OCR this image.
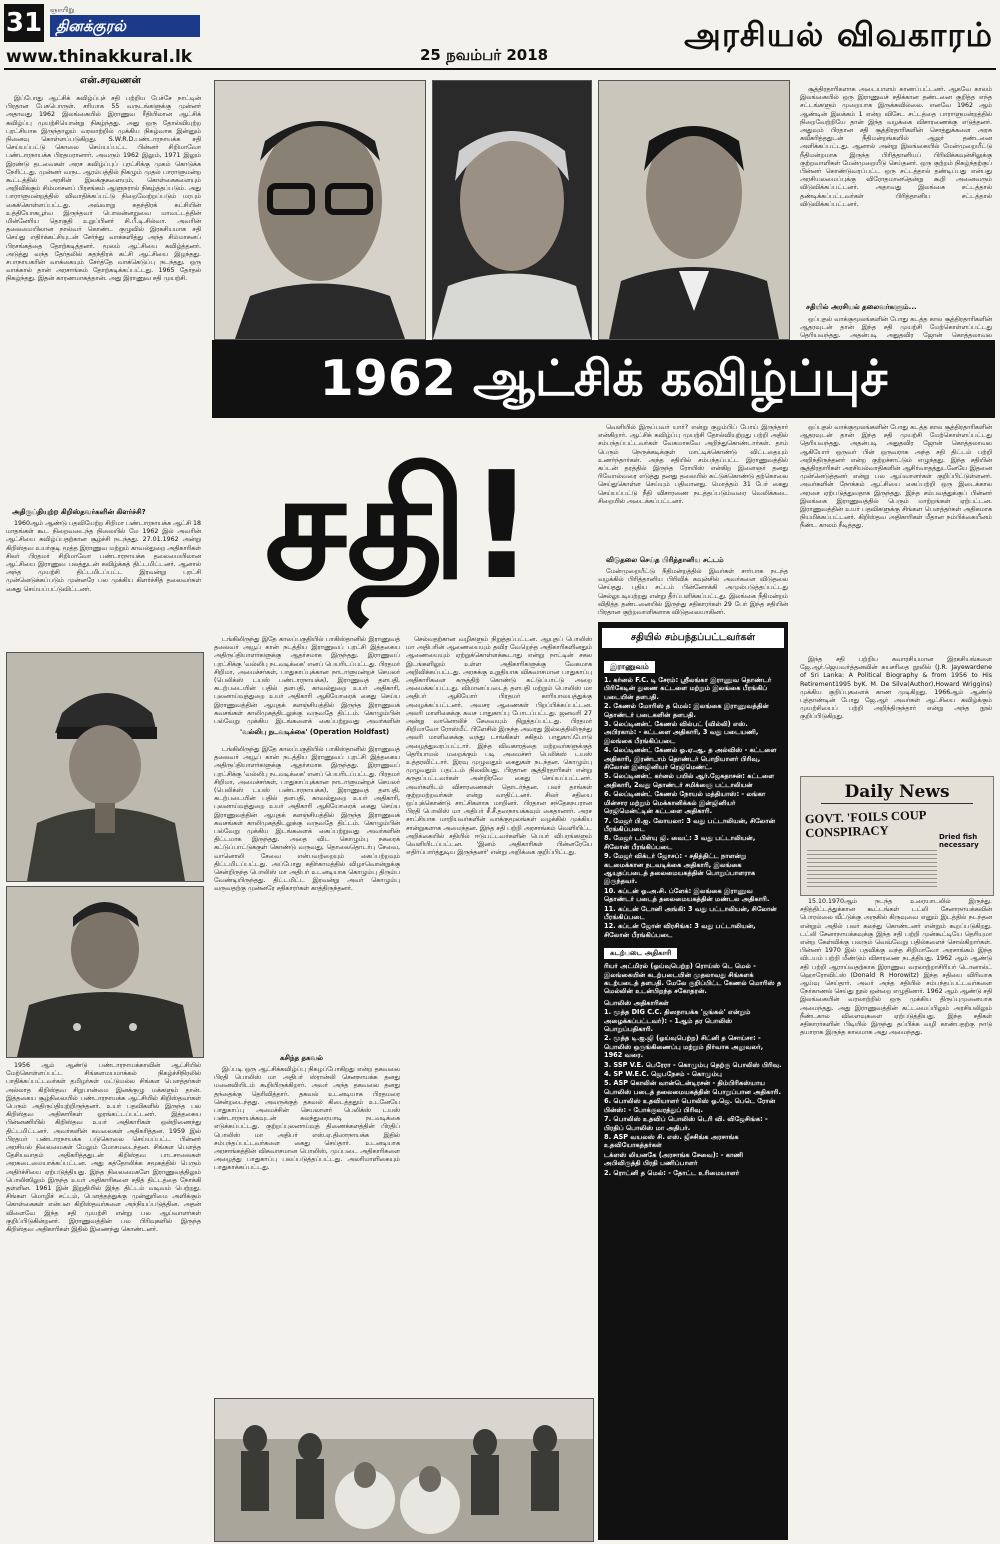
31 ஞாயிறு
தினக்குரல்
www.thinakkural.lk	25 நவம்பர் 2018
அரசியல் விவகாரம்
என்.சரவணன்

இப்போது ஆட்சிக் கவிழ்ப்புச் சதி பற்றிய பேச்சே நாட்டின் பிரதான பேசுபொருள். சரியாக 55 வருடங்களுக்கு முன்னர் அதாவது 1962 இலங்கையில் இராணுவ ரீதியிலான ஆட்சிக் கவிழ்ப்பு முயற்சியொன்று நிகழ்ந்தது. அது ஒரு தோல்வியுற்ற புரட்சியாக இருந்தாலும் வரலாற்றில் முக்கிய நிகழ்வாக இன்னும் நினைவு கொள்ளப்படுகிறது. S.W.R.D.பண்டாரநாயக்க சதி செய்யப்பட்டு கொலை செய்யப்பட்ட பின்னர் சிறிமாவோ பண்டாரநாயக்க பிரதமரானார். அவரும் 1962 இலும், 1971 இலும் இரண்டு தடவைகள் அரச கவிழ்ப்புப் புரட்சிக்கு முகம் கொடுக்க நேரிட்டது. முன்னர் வருட ஆரம்பத்தில் நிகழும் முதல் பாராளுமன்ற கூட்டத்தில் அரசின் இலக்குகளையும், கொள்கைகளையும் அறிவிக்கும் சிம்மாசனப் பிரசங்கம் ஆளுநரால் நிகழ்த்தப்படும். அது பாராளுமன்றத்தில் விவாதிக்கப்பட்டு நிறைவேற்றப்படும் மரபும் கைக்கொள்ளப்பட்டது. அவ்வாறு சுதந்திரக் கட்சியின் உத்தியோகபூர்வ இருந்தவர் பொலன்னறுவை மாவட்டத்தின் மின்னேரிய தொகுதி உறுப்பினர் சி.பீ.டி.சில்வா. அவரின் தலைமையிலான நால்வர் கொண்ட குழுவில் இரகசியமாக சதி செய்து எதிர்க்கட்சியுடன் சேர்ந்து வாக்களித்து அந்த சிம்மாசனப் பிரசங்கத்தை தோற்கடித்தனர். மூலம் ஆட்சியை கவிழ்த்தனர். அடுத்து வந்த தேர்தலில் சுதந்திரக் கட்சி ஆட்சியை இழந்தது. சபாநாயகரின் வாக்கையும் சேர்த்தே வாக்கெடுப்பு நடந்தது. ஒரு வாக்கால் தான் அரசாங்கம் தோற்கடிக்கப்பட்டது. 1965 தேர்தல் நிகழ்ந்தது. இதன் காரணமாகத்தான். அது இராணுவ சதி முயற்சி.

அதிருப்தியுற்ற கிறிஸ்தவர்களின் கிளர்ச்சி?

1960ஆம் ஆண்டு பதவியேற்ற சிறிமா பண்டாரநாயக்க ஆட்சி 18 மாதங்கள் கூட நிறைவடைந்த நிலையில் மே 1962 இல் அவரின் ஆட்சியை கவிழ்ப்பதற்கான சூழ்ச்சி நடந்தது. 27.01.1962 அன்று கிறிஸ்தவ உயர்குடி மூத்த இராணுவ மற்றும் காவல்துறை அதிகாரிகள் சிலர் பிரதமர் சிறிமாவோ பண்டாரநாயக்க தலைமையிலான ஆட்சியை இராணுவ பலத்துடன் கவிழ்க்கத் திட்டமிட்டனர். ஆனால் அந்த முயற்சி திட்டமிடப்பட்ட இரவன்று புரட்சி முன்னெடுக்கப்படும் முன்னரே பல முக்கிய கிளர்ச்சித் தலைவர்கள் கைது செய்யப்பட்டுவிட்டனர்.

1956 ஆம் ஆண்டு பண்டாரநாயக்காவின் ஆட்சியில் மேற்கொள்ளப்பட்ட சிங்களமயமாக்கல் நிகழ்ச்சிநிரலில் பாதிக்கப்பட்டவர்கள் தமிழர்கள் மட்டுமல்ல சிங்கள பௌத்தர்கள் அல்லாத கிறிஸ்தவ சிறுபான்மை இனக்குழு மக்களும் தான். இத்தகைய சூழ்நிலையில் பண்டாரநாயக்க ஆட்சியில் கிறிஸ்தவர்கள் பெரும் அதிருப்தியுற்றிருந்தனர். உயர் பதவிகளில் இருந்த பல கிறிஸ்தவ அதிகாரிகள் ஓரங்கட்டப்பட்டனர். இத்தகைய பின்னணியில் கிறிஸ்தவ உயர் அதிகாரிகள் ஒன்றிணைந்து திட்டமிட்டனர். அவர்களின் கவலைகள் அதிகரித்தன. 1959 இல் பிரதமர் பண்டாரநாயக்க படுகொலை செய்யப்பட்ட பின்னர் அரசியல் நிலைமைகள் மேலும் மோசமடைந்தன. சிங்கள பௌத்த தேசியவாதம் அதிகரித்ததுடன் கிறிஸ்தவ பாடசாலைகள் அரசுடைமையாக்கப்பட்டன. அது கத்தோலிக்க சமூகத்தில் பெரும் அதிர்ச்சியை ஏற்படுத்தியது. இந்த நிலைமைகளே இராணுவத்திலும் பொலிஸிலும் இருந்த உயர் அதிகாரிகளை சதித் திட்டத்தை நோக்கி தள்ளின. 1961 இன் இறுதியில் இந்த திட்டம் வடிவம் பெற்றது. சிங்கள மொழிச் சட்டம், பௌத்தத்துக்கு முன்னுரிமை அளிக்கும் கொள்கைகள் என்பன கிறிஸ்தவர்களை அந்நியப்படுத்தின. அதன் விளைவே இந்த சதி முயற்சி என்று பல ஆய்வாளர்கள் குறிப்பிடுகின்றனர். இராணுவத்தின் பல பிரிவுகளில் இருந்த கிறிஸ்தவ அதிகாரிகள் இதில் இணைந்து கொண்டனர்.

1962 ஆட்சிக் கவிழ்ப்புச்
சதி!

டங்கிலிருந்து இதே காலப்பகுதியில் பாகிஸ்தானில் இராணுவத் தலைவர் அயூப் கான் நடத்திய இராணுவப் புரட்சி இத்தகைய அதிருப்தியாளர்களுக்கு ஆதர்சமாக இருந்தது. இராணுவப் புரட்சிக்கு 'வல்லிபு நடவடிக்கை' எனப் பெயரிடப்பட்டது. பிரதமர் சிறிமா, அமைச்சர்கள், பாதுகாப்புக்கான நாடாளுமன்றச் செயலர் (பெலிக்ஸ் டயஸ் பண்டாரநாயக்க), இராணுவத் தளபதி, கடற்படையின் பதில் தளபதி, காவல்துறை உயர் அதிகாரி, புலனாய்வுத்துறை உயர் அதிகாரி ஆகியோரைக் கைது செய்ய இராணுவத்தின் ஆயுதக் களஞ்சியத்தில் இருந்த இராணுவக் கவசங்கள் காலிமுகத்திடலுக்கு வருவதே திட்டம். கொழும்பின் பல்வேறு முக்கிய இடங்களைக் கைப்பற்றுவது அவர்களின்

'வல்லிபு நடவடிக்கை' (Operation Holdfast)

டங்கிலிருந்து இதே காலப்பகுதியில் பாகிஸ்தானில் இராணுவத் தலைவர் அயூப் கான் நடத்திய இராணுவப் புரட்சி இத்தகைய அதிருப்தியாளர்களுக்கு ஆதர்சமாக இருந்தது. இராணுவப் புரட்சிக்கு 'வல்லிபு நடவடிக்கை' எனப் பெயரிடப்பட்டது. பிரதமர் சிறிமா, அமைச்சர்கள், பாதுகாப்புக்கான நாடாளுமன்றச் செயலர் (பெலிக்ஸ் டயஸ் பண்டாரநாயக்க), இராணுவத் தளபதி, கடற்படையின் பதில் தளபதி, காவல்துறை உயர் அதிகாரி, புலனாய்வுத்துறை உயர் அதிகாரி ஆகியோரைக் கைது செய்ய இராணுவத்தின் ஆயுதக் களஞ்சியத்தில் இருந்த இராணுவக் கவசங்கள் காலிமுகத்திடலுக்கு வருவதே திட்டம். கொழும்பின் பல்வேறு முக்கிய இடங்களைக் கைப்பற்றுவது அவர்களின் திட்டமாக இருந்தது. அதை விட கொழும்பு நகரைக் கட்டுப்பாட்டுக்குள் கொண்டு வருவது, தொலைதொடர்பு சேவை, வானொலி சேவை என்பவற்றையும் கைப்பற்றவும் திட்டமிடப்பட்டது. அப்போது கதிர்காமத்தில் விழாவொன்றுக்கு சென்றிருந்த பொலிஸ் மா அதிபர் உடனடியாக கொழும்பு திரும்ப வேண்டியிருந்தது. திட்டமிட்ட இரவன்று அவர் கொழும்பு வருவதற்கு முன்னரே சதிகாரர்கள் காத்திருந்தனர்.

கசிந்த தகவல்

இப்படி ஒரு ஆட்சிக்கவிழ்ப்பு நிகழப்போகிறது என்ற தகவலை பிரதி பொலிஸ் மா அதிபர் ஸ்ரான்லி செனநாயக்க தனது மனைவியிடம் கூறியிருக்கிறார். அவர் அந்த தகவலை தனது தந்தைக்கு தெரிவித்தார். தகவல் உடனடியாக பிரதமரை சென்றடைந்தது. அவருக்குத் தகவல் கிடைத்ததும் உடனேயே பாதுகாப்பு அமைச்சின் செயலாளர் பெலிக்ஸ் டயஸ் பண்டாரநாயக்கவுடன் கலந்துரையாடி நடவடிக்கை எடுக்கப்பட்டது. குற்றப்புலனாய்வுத் திணைக்களத்தின் பிரதிப் பொலிஸ் மா அதிபர் எஸ்.ஏ.திஸாநாயக்க இதில் சம்பந்தப்பட்டவர்களை கைது செய்தார். உடனடியாக அரசாங்கத்தின் விசுவாசமான பொலிஸ், முப்படை அதிகாரிகளை அழைத்து பாதுகாப்பு பலப்படுத்தப்பட்டது. அலரிமாளிகையும் பாதுகாக்கப்பட்டது.

செல்வதற்கான வழிகளும் நிறுத்தப்பட்டன. ஆயுதப் பொலிஸ் மா அதிபரின் ஆணையையும் தவிர வேறெந்த அதிகாரிகளினதும் ஆணையையும் ஏற்றுக்கொள்ளக்கூடாது என்று நாட்டின் சகல இடங்களிலும் உள்ள அதிகாரிகளுக்கு வேகமாக அறிவிக்கப்பட்டது. அரசுக்கு உறுதியாக விசுவாசமான பாதுகாப்பு அதிகாரிகளை கருத்திற் கொண்டு கட்டுப்பாட்டு அறை அமைக்கப்பட்டது. விமானப்படைத் தளபதி மற்றும் பொலிஸ் மா அதிபர் ஆகியோர் பிரதமர் காரியாலயத்துக்கு அழைக்கப்பட்டனர். அவசர ஆணைகள் பிறப்பிக்கப்பட்டன. அலரி மாளிகைக்கு கவச பாதுகாப்பு போடப்பட்டது. ஜனவரி 27 அன்று வானொலிச் சேவையும் நிறுத்தப்பட்டது. பிரதமர் சிறிமாவோ ரோஸ்மீட் பிளேசில் இருந்த அவரது இல்லத்திலிருந்து அலரி மாளிகைக்கு வந்து டாங்கிகள் சகிதம் பாதுகாப்போடு அழைத்துவரப்பட்டார். இந்த விவகாரத்தை மற்றவர்களுக்குத் தெரியாமல் மறைக்கும் படி அமைச்சர் பெலிக்ஸ் டயஸ் உத்தரவிட்டார். இரவு முழுவதும் கைதுகள் நடந்தன. கொழும்பு முழுவதும் பதட்டம் நிலவியது. பிரதான சூத்திரதாரிகள் என்று கருதப்பட்டவர்கள் அன்றிரவே கைது செய்யப்பட்டனர். அவர்களிடம் விசாரணைகள் தொடர்ந்தன. பலர் தாங்கள் குற்றமற்றவர்கள் என்று வாதிட்டனர். சிலர் சதியை ஒப்புக்கொண்டு சாட்சிகளாக மாறினர். பிரதான சந்தேகநபரான பிரதி பொலிஸ் மா அதிபர் சீ.சீ.தஸநாயக்கவும் கைதானார். அரச சாட்சியாக மாறியவர்களின் வாக்குமூலங்கள் வழக்கில் முக்கிய சான்றுகளாக அமைந்தன. இந்த சதி பற்றி அரசாங்கம் வெளியிட்ட அறிக்கையில் சதியில் ஈடுபட்டவர்களின் பெயர் விபரங்களும் வெளியிடப்பட்டன. 'இனம் அதிகாரிகள் பின்னரேயே எதிர்ப்பார்த்துடிய இருந்தனர்' என்று அறிக்கை குறிப்பிட்டது.

வெளியில் இருப்பவர் யார்? என்று குழம்பிப் போய் இருந்தார் என்கிறார். ஆட்சிக் கவிழ்ப்பு முயற்சி தோல்வியுற்றது பற்றி அதில் சம்பந்தப்பட்டவர்கள் வேகமாகவே அறிந்துகொண்டார்கள். தாம் பெரும் நெருக்கடிக்குள் மாட்டிக்கொண்டு விட்டதையும் உணர்ந்தார்கள். அந்த சதியில் சம்பந்தப்பட்ட இராணுவத்தில் கப்டன் தரத்தில் இருந்த ரோயிஸ் என்கிற இளைஞர் தனது ரிவோல்வரை எடுத்து தனது தலையில் சுட்டுக்கொண்டு தற்கொலை செய்துகொள்ள செய்யும் பதிவானது. மொத்தம் 31 பேர் கைது செய்யப்பட்டு நீதி விசாரணை நடத்தப்படும்வரை வெலிக்கடை சிறையில் அடைக்கப்பட்டனர்.

விடுதலை செய்த பிரித்தானிய சட்டம்

மேன்முறையீட்டு நீதிமன்றத்தில் இவர்கள் சார்பாக நடந்த வழக்கில் பிரித்தானிய பிரிவிக் கவுன்சில் அவர்களை விடுதலை செய்தது. புதிய சட்டம் பின்னோக்கி அமுல்படுத்தப்பட்டது செல்லுபடியற்றது என்று தீர்ப்பளிக்கப்பட்டது. இலங்கை நீதிமன்றம் விதித்த தண்டனையில் இருந்து சதிகாரர்கள் 29 பேர் இந்த சதியின் பிரதான குற்றவாளிகளாக விடுதலையாகினர்.

சதியில் சம்பந்தப்பட்டவர்கள்
இராணுவம்
1. கர்னல் F.C. டி சேரம்: ஸ்ரீலங்கா இராணுவ தொண்டர் பிரிகேடின் துணை கட்டளை மற்றும் இலங்கை பீரங்கிப் படையின் தளபதி.
2. கேணல் மோரிஸ் த மெல்: இலங்கை இராணுவத்தின் தொண்டர் படைகளின் தளபதி.
3. லெப்டினன்ட் கேணல் வில்பட் (வில்லி) எஸ். அபிரகாம்: - கட்டளை அதிகாரி, 3 வது படையணி, இலங்கை பீரங்கிப்படை
4. லெப்டினன்ட் கேணல் ஓ.ஏ.ஆ. த அல்விஸ் - கட்டளை அதிகாரி, இரண்டாம் தொண்டர் பொறியாளர் பிரிவு, சிலோன் இன்ஜினியர் ரெஜிமெண்ட்.
5. லெப்டினன்ட் கர்னல் பயில் ஆர்.ஜேசுதாசன்: கட்டளை அதிகாரி, 2வது தொண்டர் சமிக்ஞை பட்டாலியன்
6. லெப்டினன்ட் கேணல் நோயல் மத்தியாஸ்: - லங்கா மின்சார மற்றும் மெக்கானிக்கல் இன்ஜினியர் ரெஜிமென்ட்டின் கட்டளை அதிகாரி.
7. மேஜர் பி.ஐ. லோயலா: 3 வது பட்டாலியன், சிலோன் பீரங்கிப்படை
8. மேஜர் டபிள்யு ஜி. வைட்: 3 வது பட்டாலியன், சிலோன் பீரங்கிப்படை
9. மேஜர் விக்டர் ஜோசப்: - சதித்திட்ட நாளன்று கடமைக்கான நடவடிக்கை அதிகாரி, இலங்கை ஆயுதப்படைத் தலைமையகத்தின் பொறுப்பாளராக இருந்தவர்.
10. கப்டன் ஓ.அ.சி. ப்ளேக்: இலங்கை இராணுவ தொண்டர் படைத் தலைமையகத்தின் மண்டல அதிகாரி.
11. கப்டன் டோனி அங்கி: 3 வது பட்டாலியன், சிலோன் பீரங்கிப்படை
12. கப்டன் ஜோன் விரசிங்க: 3 வது பட்டாலியன், சிலோன் பீரங்கிப்படை
கடற்படை அதிகாரி
ரியர் அட்மிரல் (ஓய்வுபெற்ற) ரொய்ஸ் டெ மெல் - இலங்கையின் கடற்படையின் முதலாவது சிங்களக் கடற்படைத் தளபதி. மேலே குறிப்பிட்ட கேணல் மொரிஸ் த மெல்லின் உடன்பிறந்த சகோதரன்.
பொலிஸ் அதிகாரிகள்
1. மூத்த DIG C.C. திஸநாயக்க 'ஜங்கல்' என்றும் அழைக்கப்பட்டவர்): - 1ஆம் தர பொலிஸ் பொறுப்பதிகாரி.
2. மூத்த டி.ஐ.ஜி (ஓய்வுபெற்ற) சிட்னி த சொய்சா: - பொலிஸ் ஒருங்கிணைப்பு மற்றும் நிர்வாக அலுவலர், 1962 வரை.
3. SSP V.E. பெரேரா - கொழும்பு தெற்கு பொலிஸ் பிரிவு.
4. SP W.E.C. ஜெபநேசம் - கொழும்பு
5. ASP கொலின் வான்டென்டிரசன் - திம்பிரிகஸ்யாய பொலிஸ் படைத் தலைமையகத்தின் பொறுப்பான அதிகாரி.
6. பொலிஸ் உதவியாளர் பொலிஸ் ஓ.ஜெ. பெடெ ரோன் பின்ஸ்: - போக்குவரத்துப் பிரிவு.
7. பொலிஸ் உதவிப் பொலிஸ் டெரி வி. விஜேசிங்க: - பிரதிப் பொலிஸ் மா அதிபர்.
8. ASP வயலஸ் சி. எஸ். ஜீசசிங்க அரசாங்க உதவியோகத்தர்கள்
டக்ளஸ் லியனகே (அரசாங்க சேவை): - காணி அபிவிருத்தி பிரதி பணிப்பாளர்
2. ரொட்னி த மெல்: - தோட்ட உரிமையாளர்

சூத்திரதாரிகளாக அடையாளம் காணப்பட்டனர். ஆகவே காலம் இலங்கையில் ஒரு இராணுவச் சதிக்கான தண்டனை குறித்த எந்த சட்டங்களும் முறையாக இருக்கவில்லை. எனவே 1962 ஆம் ஆண்டின் இலக்கம் 1 என்ற விசேட சட்டத்தை பாராளுமன்றத்தில் நிறைவேற்றியே தான் இந்த வழக்கை விசாரணைக்கு எடுத்தனர். அதுவும் பிரதான சதி சூத்திரதாரிகளின் சொத்துக்களை அரசு கவீகரித்ததுடன் நீதிமன்றங்களில் ஆஜர் தண்டனை அளிக்கப்பட்டது. ஆனால் அன்று இலங்கையில் மேன்முறையீட்டு நீதிமன்றமாக இருந்த பிரித்தானியப் பிரிவிக்கவுன்சிலுக்கு குற்றவாளிகள் மேன்முறையீடு செய்தனர். ஒரு குற்றம் நிகழ்ந்தற்குப் பின்னர் கொண்டுவரப்பட்ட ஒரு சட்டத்தால் தண்டிப்பது என்பது அரசியலமைப்புக்கு விரோதமானதென்று கூறி அனைவரும் விடுவிக்கப்பட்டனர். அதாவது இலங்கை சட்டத்தால் தண்டிக்கப்பட்டவர்கள் பிரித்தானிய சட்டத்தால் விடுவிக்கப்பட்டனர்.

சதியில் அரசியல் தலைவர்களும்...

ஒப்புதல் வாக்குமூலங்களின் போது கடத்த கால சூத்திரதாரிகளின் ஆதரவுடன் தான் இந்த சதி முயற்சி மேற்கொள்ளப்பட்டது தெரியவந்தது. அதன்படி அதுதவிர ஜோன் கொத்தலாவல

ஒப்புதல் வாக்குமூலங்களின் போது கடத்த கால சூத்திரதாரிகளின் ஆதரவுடன் தான் இந்த சதி முயற்சி மேற்கொள்ளப்பட்டது தெரியவந்தது. அதன்படி அதுதவிர ஜோன் கொத்தலாவல ஆகியோர் ஒருவர் பின் ஒருவராக அந்த சதி திட்டம் பற்றி அறிந்திருந்தனர் என்ற குற்றச்சாட்டும் எழுந்தது. இந்த சதியின் சூத்திரதாரிகள் அரசியல்வாதிகளின் ஆசிர்வாதத்துடனேயே இதனை முன்னெடுத்தனர் என்று பல ஆய்வாளர்கள் குறிப்பிட்டுள்ளனர். அவர்களின் நோக்கம் ஆட்சியை கைப்பற்றி ஒரு இடைக்கால அரசை ஏற்படுத்துவதாக இருந்தது. இந்த சம்பவத்துக்குப் பின்னர் இலங்கை இராணுவத்தில் பெரும் மாற்றங்கள் ஏற்பட்டன. இராணுவத்தின் உயர் பதவிகளுக்கு சிங்கள பௌத்தர்கள் அதிகமாக நியமிக்கப்பட்டனர். கிறிஸ்தவ அதிகாரிகள் மீதான நம்பிக்கையீனம் நீண்ட காலம் நீடித்தது.

இந்த சதி பற்றிய சுவாரசியமான இரகசியங்களை ஜே.ஆர்.ஜெயவர்த்தனவின் சுயசரிதை நூலில் (J.R. Jayewardene of Sri Lanka: A Political Biography & from 1956 to His Retirement1995 byK. M. De Silva(Author),Howard Wriggins) முக்கிய குறிப்புகளைக் காண முடிகிறது. 1966ஆம் ஆண்டு புத்தாண்டின் போது ஜே.ஆர் அவர்கள் ஆட்சியை கவிழ்க்கும் முயற்சியைப் பற்றி அறிந்திருந்தார் என்று அந்த நூல் குறிப்பிடுகிறது.

Daily News
GOVT. 'FOILS COUP CONSPIRACY	Dried fish necessary

15.10.1970ஆம் நடந்த உரையாடலில் இருந்து. சதித்திட்டத்துக்கான கூட்டங்கள் டட்லி சேனாநாயக்கவின் பொரல்லை வீட்டுக்கு அருகில் கிருவுவை எனும் இடத்தில் நடந்தன என்றும் அதில் பலர் கலந்து கொண்டனர் என்றும் கூறப்படுகிறது. டட்லி சேனாநாயக்கவுக்கு இந்த சதி பற்றி முன்கூட்டியே தெரியுமா என்ற கேள்விக்கு பலரும் வெவ்வேறு பதில்களைச் சொல்கிறார்கள். பின்னர் 1970 இல் பதவிக்கு வந்த சிறிமாவோ அரசாங்கம் இந்த விடயம் பற்றி மீண்டும் விசாரணை நடத்தியது. 1962 ஆம் ஆண்டு சதி பற்றி ஆராய்வதற்காக இராணுவ வரலாற்றாசிரியர் டொனால்ட் ஹொரோவிட்ஸ் (Donald R Horowitz) இந்த சதியை விரிவாக ஆய்வு செய்தார். அவர் அந்த சதியில் சம்பந்தப்பட்டவர்களை நேர்காணல் செய்து நூல் ஒன்றை எழுதினார். 1962 ஆம் ஆண்டு சதி இலங்கையின் வரலாற்றில் ஒரு முக்கிய திருப்புமுனையாக அமைந்தது. அது இராணுவத்தின் கட்டமைப்பிலும் அரசியலிலும் நீண்டகால விளைவுகளை ஏற்படுத்தியது. இந்த சதிகள் சதிகாரர்களின் பிடியில் இருந்து தப்பிக்க வழி காண்பதற்கு நாடு தயாராக இருந்த காலமாக அது அமைந்தது.
